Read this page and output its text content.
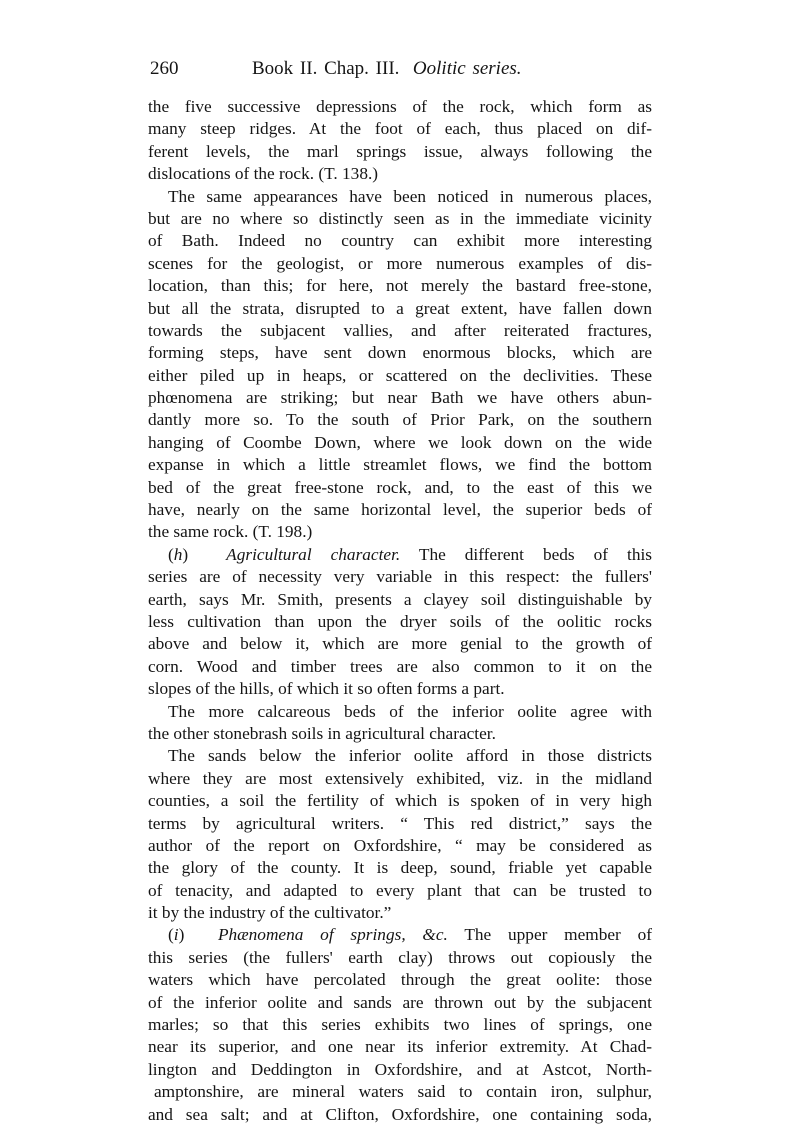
260	Book II. Chap. III. Oolitic series.
the five successive depressions of the rock, which form as
many steep ridges. At the foot of each, thus placed on dif-
ferent levels, the marl springs issue, always following the
dislocations of the rock. (T. 138.)
The same appearances have been noticed in numerous places,
but are no where so distinctly seen as in the immediate vicinity
of Bath. Indeed no country can exhibit more interesting
scenes for the geologist, or more numerous examples of dis-
location, than this; for here, not merely the bastard free-stone,
but all the strata, disrupted to a great extent, have fallen down
towards the subjacent vallies, and after reiterated fractures,
forming steps, have sent down enormous blocks, which are
either piled up in heaps, or scattered on the declivities. These
phœnomena are striking; but near Bath we have others abun-
dantly more so. To the south of Prior Park, on the southern
hanging of Coombe Down, where we look down on the wide
expanse in which a little streamlet flows, we find the bottom
bed of the great free-stone rock, and, to the east of this we
have, nearly on the same horizontal level, the superior beds of
the same rock. (T. 198.)
(h)  Agricultural character. The different beds of this
series are of necessity very variable in this respect: the fullers'
earth, says Mr. Smith, presents a clayey soil distinguishable by
less cultivation than upon the dryer soils of the oolitic rocks
above and below it, which are more genial to the growth of
corn. Wood and timber trees are also common to it on the
slopes of the hills, of which it so often forms a part.
The more calcareous beds of the inferior oolite agree with
the other stonebrash soils in agricultural character.
The sands below the inferior oolite afford in those districts
where they are most extensively exhibited, viz. in the midland
counties, a soil the fertility of which is spoken of in very high
terms by agricultural writers. “ This red district,” says the
author of the report on Oxfordshire, “ may be considered as
the glory of the county. It is deep, sound, friable yet capable
of tenacity, and adapted to every plant that can be trusted to
it by the industry of the cultivator.”
(i)  Phænomena of springs, &c. The upper member of
this series (the fullers' earth clay) throws out copiously the
waters which have percolated through the great oolite: those
of the inferior oolite and sands are thrown out by the subjacent
marles; so that this series exhibits two lines of springs, one
near its superior, and one near its inferior extremity. At Chad-
lington and Deddington in Oxfordshire, and at Astcot, North-
amptonshire, are mineral waters said to contain iron, sulphur,
and sea salt; and at Clifton, Oxfordshire, one containing soda,
